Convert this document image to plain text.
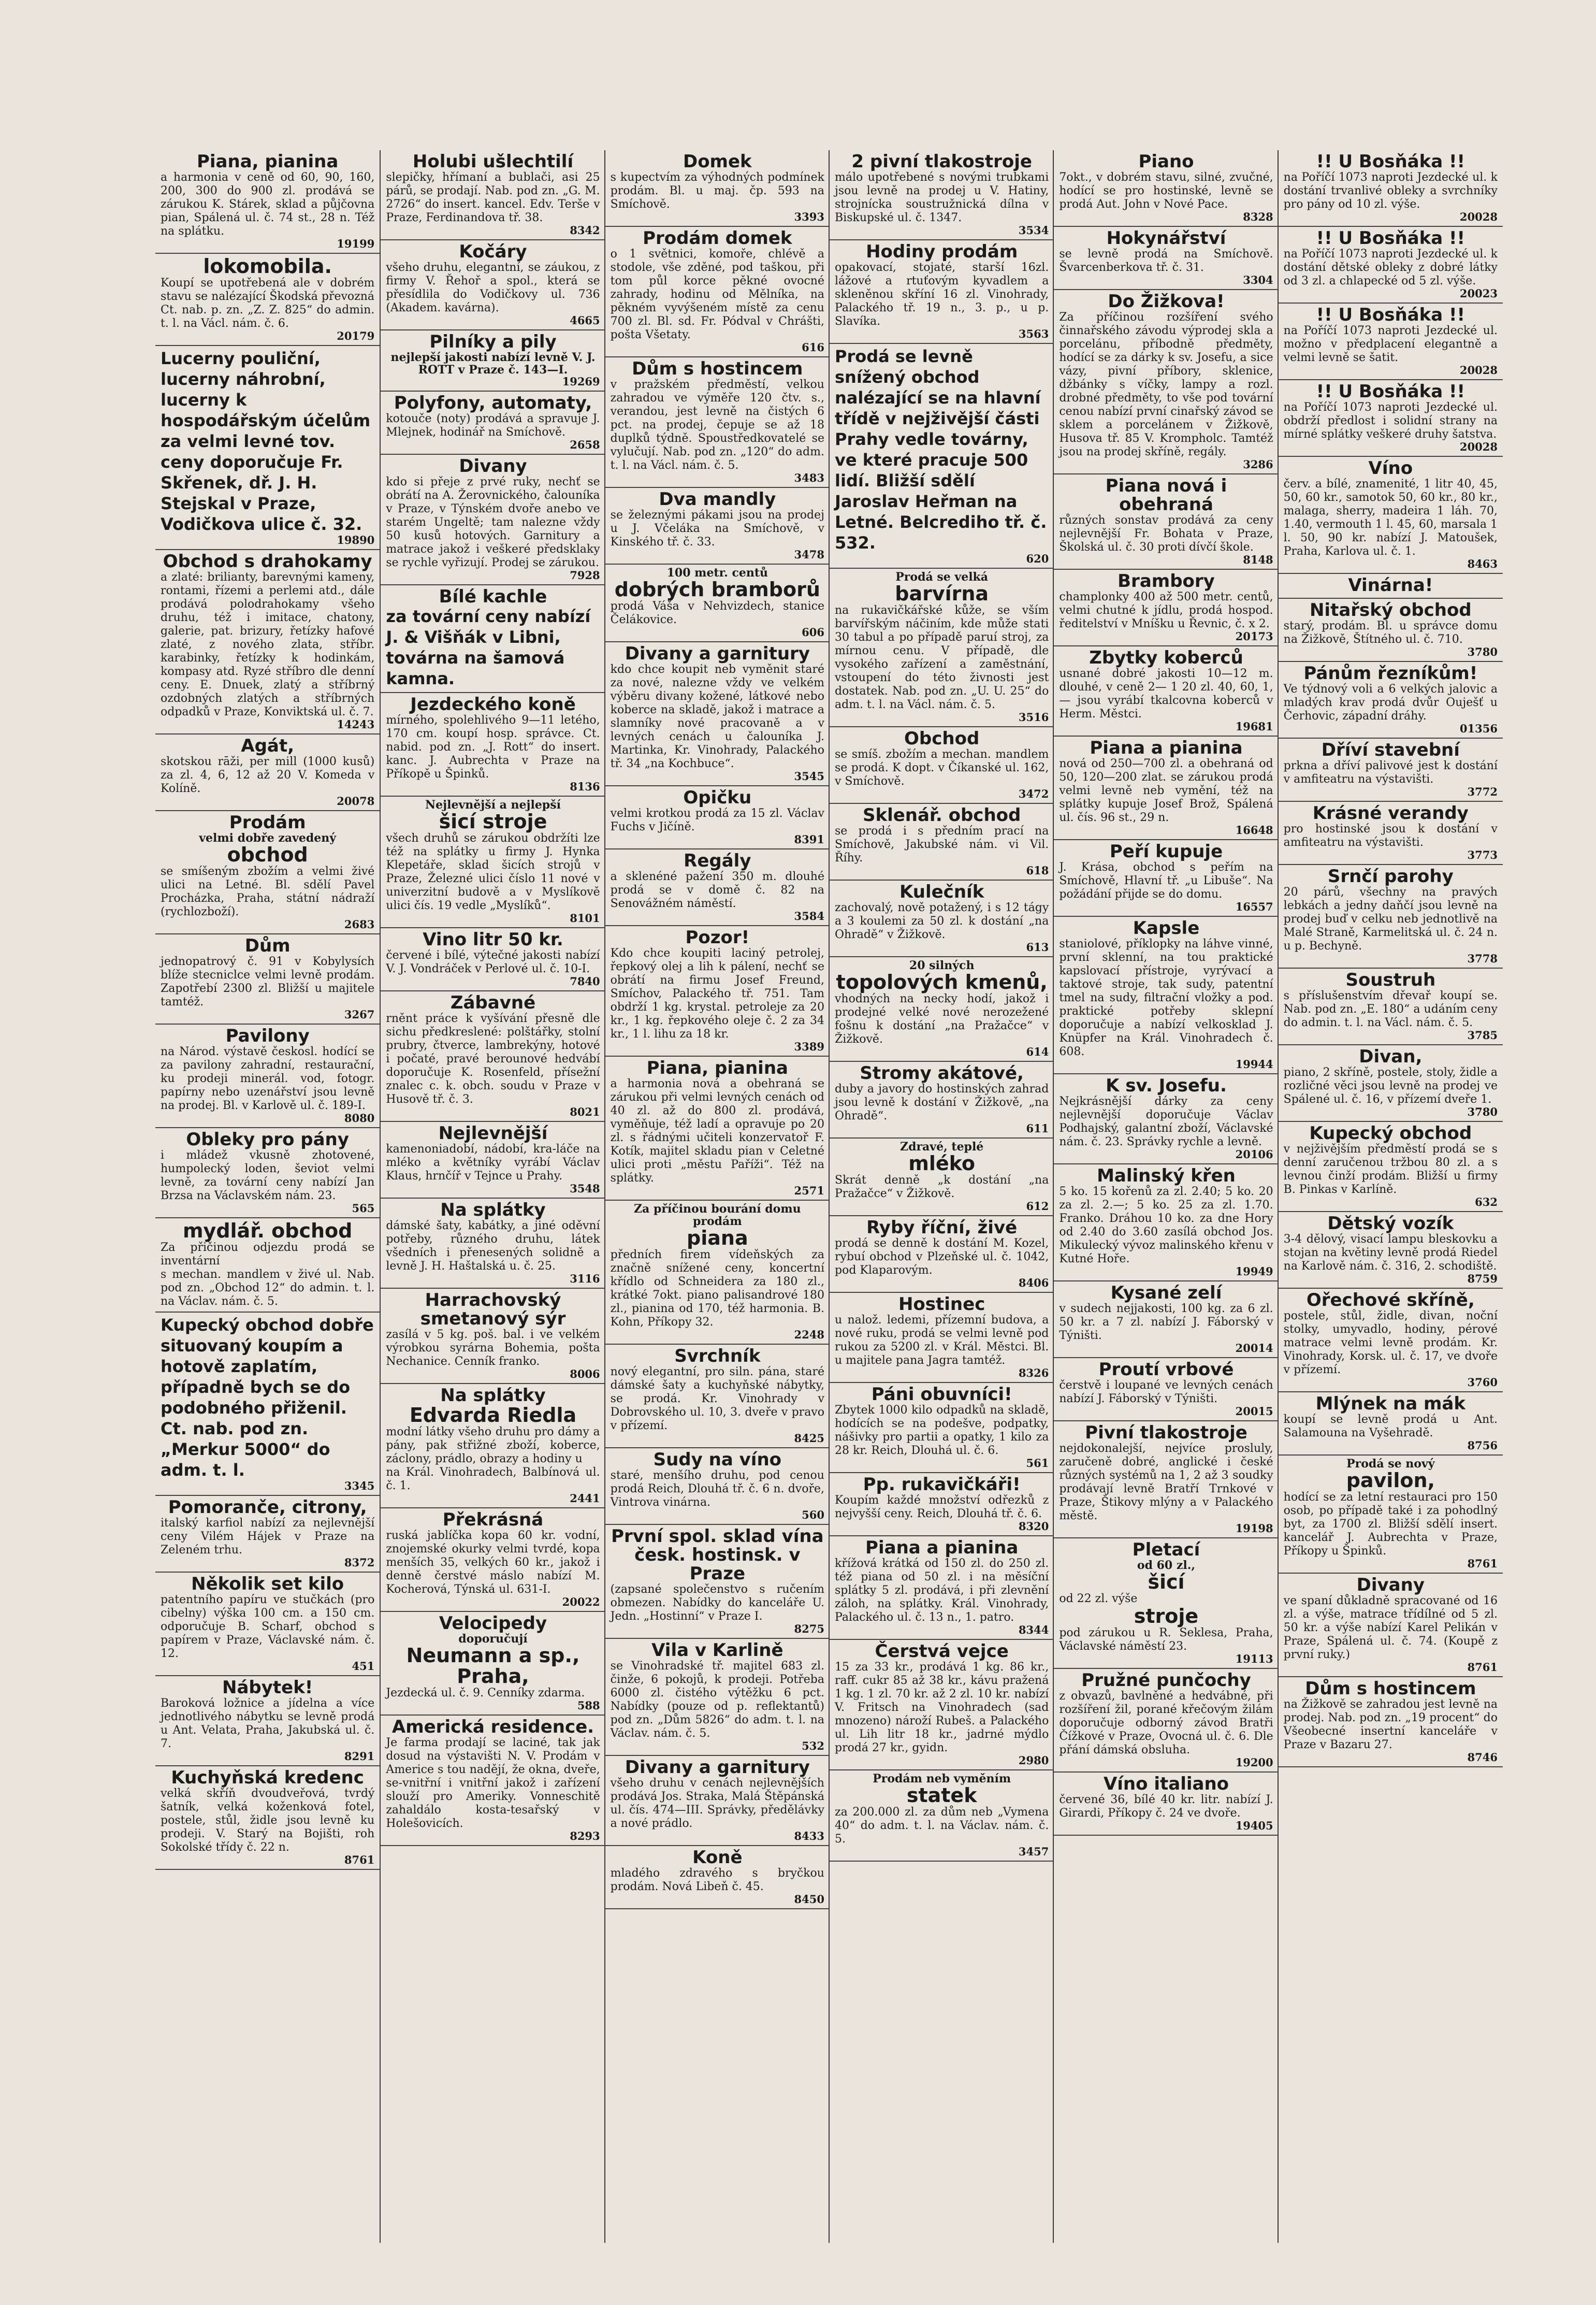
Piana, pianina

a harmonia v ceně od 60, 90, 160, 200, 300 do 900 zl. prodává se zárukou K. Stárek, sklad a půjčovna pian, Spálená ul. č. 74 st., 28 n. Též na splátku.

19199
lokomobila.

Koupí se upotřebená ale v dobrém stavu se nalézající Škodská převozná

Ct. nab. p. zn. „Z. Z. 825“ do admin. t. l. na Václ. nám. č. 6.

20179
Lucerny pouliční, lucerny náhrobní, lucerny k hospodářským účelům za velmi levné tov. ceny doporučuje Fr. Skřenek, dř. J. H. Stejskal v Praze, Vodičkova ulice č. 32.
19890
Obchod s drahokamy

a zlaté: brilianty, barevnými kameny, rontami, řízemi a perlemi atd., dále prodává polodrahokamy všeho druhu, též i imitace, chatony, galerie, pat. brizury, řetízky hafové zlaté, z nového zlata, stříbr. karabinky, řetízky k hodinkám, kompasy atd. Ryzé stříbro dle denní ceny. E. Dnuek, zlatý a stříbrný ozdobných zlatých a stříbrných odpadků v Praze, Konviktská ul. č. 7.

14243
Agát,

skotskou rāži, per mill (1000 kusů) za zl. 4, 6, 12 až 20 V. Komeda v Kolíně.

20078
Prodám
velmi dobře zavedený
obchod

se smíšeným zbožím a velmi živé ulici na Letné. Bl. sdělí Pavel Procházka, Praha, státní nádraží (rychlozboží).

2683
Dům

jednopatrový č. 91 v Kobylysích blíže stecniclce velmi levně prodám. Zapotřebí 2300 zl. Bližší u majitele tamtéž.

3267
Pavilony

na Národ. výstavě českosl. hodící se za pavilony zahradní, restaurační, ku prodeji minerál. vod, fotogr. papírny nebo uzenářství jsou levně na prodej. Bl. v Karlově ul. č. 189-I.

8080
Obleky pro pány

i mládež vkusně zhotovené, humpolecký loden, ševiot velmi levně, za tovární ceny nabízí Jan Brzsa na Václavském nám. 23.

565
mydlář. obchod

Za přičinou odjezdu prodá se inventární

s mechan. mandlem v živé ul. Nab. pod zn. „Obchod 12“ do admin. t. l. na Václav. nám. č. 5.

Kupecký obchod dobře situovaný koupím a hotově zaplatím, případně bych se do podobného přiženil. Ct. nab. pod zn. „Merkur 5000“ do adm. t. l.
3345
Pomoranče, citrony,

italský karfiol nabízí za nejlevnější ceny Vilém Hájek v Praze na Zeleném trhu.

8372
Několik set kilo

patentního papíru ve stučkách (pro cibelny) výška 100 cm. a 150 cm. odporučuje B. Scharf, obchod s papírem v Praze, Václavské nám. č. 12.

451
Nábytek!

Baroková ložnice a jídelna a více jednotlivého nábytku se levně prodá u Ant. Velata, Praha, Jakubská ul. č. 7.

8291
Kuchyňská kredenc

velká skříň dvoudveřová, tvrdý šatník, velká koženková fotel, postele, stůl, židle jsou levně ku prodeji. V. Starý na Bojišti, roh Sokolské třídy č. 22 n.

8761
Holubi ušlechtilí

slepičky, hřímaní a bublači, asi 25 párů, se prodají. Nab. pod zn. „G. M. 2726“ do insert. kancel. Edv. Terše v Praze, Ferdinandova tř. 38.

8342
Kočáry

všeho druhu, elegantní, se záukou, z firmy V. Řehoř a spol., která se přesídlila do Vodičkovy ul. 736 (Akadem. kavárna).

4665
Pilníky a pily
nejlepší jakosti nabízí levně V. J. ROTT v Praze č. 143—I.
19269
Polyfony, automaty,

kotouče (noty) prodává a spravuje J. Mlejnek, hodinář na Smíchově.

2658
Divany

kdo si přeje z prvé ruky, nechť se obrátí na A. Žerovnického, čalouníka v Praze, v Týnském dvoře anebo ve starém Ungeltě; tam nalezne vždy 50 kusů hotových. Garnitury a matrace jakož i veškeré předsklaky se rychle vyřizují. Prodej se zárukou.

7928
Bílé kachle
za tovární ceny nabízí J. & Višňák v Libni, továrna na šamová kamna.
Jezdeckého koně

mírného, spolehlivého 9—11 letého, 170 cm. koupí hosp. správce. Ct. nabid. pod zn. „J. Rott“ do insert. kanc. J. Aubrechta v Praze na Příkopě u Špinků.

8136
Nejlevnější a nejlepší
šicí stroje

všech druhů se zárukou obdržíti lze též na splátky u firmy J. Hynka Klepetáře, sklad šicích strojů v Praze, Železné ulici číslo 11 nové v univerzitní budově a v Myslíkově ulici čís. 19 vedle „Myslíků“.

8101
Vino litr 50 kr.

červené i bílé, výtečné jakosti nabízí V. J. Vondráček v Perlové ul. č. 10-I.

7840
Zábavné

rněnt práce k vyšívání přesně dle sichu předkreslené: polštářky, stolní prubry, čtverce, lambrekýny, hotové i počaté, pravé berounové hedvábí doporučuje K. Rosenfeld, přísežní znalec c. k. obch. soudu v Praze v Husově tř. č. 3.

8021
Nejlevnější

kamenoniadobí, nádobí, kra-láče na mléko a květníky vyrábí Václav Klaus, hrnčíř v Tejnce u Prahy.

3548
Na splátky

dámské šaty, kabátky, a jiné oděvní potřeby, různého druhu, látek všedních i přenesených solidně a levně J. H. Haštalská u. č. 25.

3116
Harrachovský smetanový sýr

zasílá v 5 kg. poš. bal. i ve velkém výrobkou syrárna Bohemia, pošta Nechanice. Cenník franko.

8006
Na splátky
Edvarda Riedla

modní látky všeho druhu pro dámy a pány, pak střižné zboží, koberce, záclony, prádlo, obrazy a hodiny u

na Král. Vinohradech, Balbínová ul. č. 1.

2441
Překrásná

ruská jablíčka kopa 60 kr. vodní, znojemské okurky velmi tvrdé, kopa menších 35, velkých 60 kr., jakož i denně čerstvé máslo nabízí M. Kocherová, Týnská ul. 631-I.

20022
Velocipedy
doporučují
Neumann a sp., Praha,

Jezdecká ul. č. 9. Cenníky zdarma.

588
Americká residence.

Je farma prodají se laciné, tak jak dosud na výstavišti N. V. Prodám v Americe s tou nadějí, že okna, dveře, se-vnitřní i vnitřní jakož i zařízení slouží pro Ameriky. Vonneschitě zahaldálo kosta-tesařský v Holešovicích.

8293
Domek

s kupectvím za výhodných podmínek prodám. Bl. u maj. čp. 593 na Smíchově.

3393
Prodám domek

o 1 světnici, komoře, chlévě a stodole, vše zděné, pod taškou, při tom půl korce pěkné ovocné zahrady, hodinu od Mělníka, na pěkném vyvýšeném místě za cenu 700 zl. Bl. sd. Fr. Pódval v Chrášti, pošta Všetaty.

616
Dům s hostincem

v pražském předměstí, velkou zahradou ve výměře 120 čtv. s., verandou, jest levně na čistých 6 pct. na prodej, čepuje se až 18 duplků týdně. Spoustředkovatelé se vylučují. Nab. pod zn. „120“ do adm. t. l. na Václ. nám. č. 5.

3483
Dva mandly

se železnými pákami jsou na prodej u J. Včeláka na Smíchově, v Kinského tř. č. 33.

3478
100 metr. centů
dobrých bramborů

prodá Váša v Nehvizdech, stanice Čelákovice.

606
Divany a garnitury

kdo chce koupit neb vyměnit staré za nové, nalezne vždy ve velkém výběru divany kožené, látkové nebo koberce na skladě, jakož i matrace a slamníky nové pracovaně a v levných cenách u čalouníka J. Martinka, Kr. Vinohrady, Palackého tř. 34 „na Kochbuce“.

3545
Opičku

velmi krotkou prodá za 15 zl. Václav Fuchs v Jičíně.

8391
Regály

a sklenéné pažení 350 m. dlouhé prodá se v domě č. 82 na Senovážném náměstí.

3584
Pozor!

Kdo chce koupiti laciný petrolej, řepkový olej a lih k pálení, nechť se obrátí na firmu Josef Freund, Smíchov, Palackého tř. 751. Tam obdrží 1 kg. krystal. petroleje za 20 kr., 1 kg. řepkového oleje č. 2 za 34 kr., 1 l. lihu za 18 kr.

3389
Piana, pianina

a harmonia nová a obehraná se zárukou při velmi levných cenách od 40 zl. až do 800 zl. prodává, vyměňuje, též ladí a opravuje po 20 zl. s řádnými učiteli konzervatoř F. Kotík, majitel skladu pian v Celetné ulici proti „městu Paříži“. Též na splátky.

2571
Za příčinou bourání domu prodám
piana

předních firem vídeňských za značně snížené ceny, koncertní křídlo od Schneidera za 180 zl., krátké 7okt. piano palisandrové 180 zl., pianina od 170, též harmonia. B. Kohn, Příkopy 32.

2248
Svrchník

nový elegantní, pro siln. pána, staré dámské šaty a kuchyňské nábytky, se prodá. Kr. Vinohrady v Dobrovského ul. 10, 3. dveře v pravo v přízemí.

8425
Sudy na víno

staré, menšího druhu, pod cenou prodá Reich, Dlouhá tř. č. 6 n. dvoře, Vintrova vinárna.

560
První spol. sklad vína česk. hostinsk. v Praze

(zapsané společenstvo s ručením obmezen. Nabídky do kanceláře U. Jedn. „Hostinní“ v Praze I.

8275
Vila v Karlině

se Vinohradské tř. majitel 683 zl. činže, 6 pokojů, k prodeji. Potřeba 6000 zl. čistého výtěžku 6 pct. Nabídky (pouze od p. reflektantů) pod zn. „Dům 5826“ do adm. t. l. na Václav. nám. č. 5.

532
Divany a garnitury

všeho druhu v cenách nejlevnějších prodává Jos. Straka, Malá Štěpánská ul. čís. 474—III. Správky, předělávky a nové prádlo.

8433
Koně

mladého zdravého s bryčkou prodám. Nová Libeň č. 45.

8450
2 pivní tlakostroje

málo upotřebené s novými trubkami jsou levně na prodej u V. Hatiny, strojnícka soustružnická dílna v Biskupské ul. č. 1347.

3534
Hodiny prodám

opakovací, stojaté, starší 16zl. lážové a rtuťovým kyvadlem a skleněnou skříní 16 zl. Vinohrady, Palackého tř. 19 n., 3. p., u p. Slavíka.

3563
Prodá se levně snížený obchod nalézající se na hlavní třídě v nejživější části Prahy vedle továrny, ve které pracuje 500 lidí. Bližší sdělí Jaroslav Heřman na Letné. Belcrediho tř. č. 532.
620
Prodá se velká
barvírna

na rukavičkářské kůže, se vším barvířským náčiním, kde může stati 30 tabul a po případě paruí stroj, za mírnou cenu. V případě, dle vysokého zařízení a zaměstnání, vstoupení do této živnosti jest dostatek. Nab. pod zn. „U. U. 25“ do adm. t. l. na Václ. nám. č. 5.

3516
Obchod

se smíš. zbožím a mechan. mandlem se prodá. K dopt. v Číkanské ul. 162, v Smíchově.

3472
Sklenář. obchod

se prodá i s předním prací na Smíchově, Jakubské nám. vi Vil. Říhy.

618
Kulečník

zachovalý, nově potažený, i s 12 tágy a 3 koulemi za 50 zl. k dostání „na Ohradě“ v Žižkově.

613
20 silných
topolových kmenů,

vhodných na necky hodí, jakož i prodejné velké nové nerozežené fošnu k dostání „na Pražačce“ v Žižkově.

614
Stromy akátové,

duby a javory do hostinských zahrad jsou levně k dostání v Žižkově, „na Ohradě“.

611
Zdravé, teplé
mléko

Skrát denně „k dostání „na Pražačce“ v Žižkově.

612
Ryby říční, živé

prodá se denně k dostání M. Kozel, rybuí obchod v Plzeňské ul. č. 1042, pod Klaparovým.

8406
Hostinec

u nalož. ledemi, přízemní budova, a nové ruku, prodá se velmi levně pod rukou za 5200 zl. v Král. Městci. Bl. u majitele pana Jagra tamtéž.

8326
Páni obuvníci!

Zbytek 1000 kilo odpadků na skladě, hodících se na podešve, podpatky, nášivky pro partii a opatky, 1 kilo za 28 kr. Reich, Dlouhá ul. č. 6.

561
Pp. rukavičkáři!

Koupím každé množství odřezků z nejvyšší ceny. Reich, Dlouhá tř. č. 6.

8320
Piana a pianina

křížová krátká od 150 zl. do 250 zl. též piana od 50 zl. i na měsíční splátky 5 zl. prodává, i při zlevnění záloh, na splátky. Král. Vinohrady, Palackého ul. č. 13 n., 1. patro.

8344
Čerstvá vejce

15 za 33 kr., prodává 1 kg. 86 kr., raff. cukr 85 až 38 kr., kávu pražená 1 kg. 1 zl. 70 kr. až 2 zl. 10 kr. nabízí V. Fritsch na Vinohradech (sad mnozeno) nároží Rubeš. a Palackého ul. Lih litr 18 kr., jadrné mýdlo prodá 27 kr., gyidn.

2980
Prodám neb vyměním
statek

za 200.000 zl. za dům neb „Vymena 40“ do adm. t. l. na Václav. nám. č. 5.

3457
Piano

7okt., v dobrém stavu, silné, zvučné, hodící se pro hostinské, levně se prodá Aut. John v Nové Pace.

8328
Hokynářství

se levně prodá na Smíchově. Švarcenberkova tř. č. 31.

3304
Do Žižkova!

Za příčinou rozšíření svého činnařského závodu výprodej skla a porcelánu, příbodně předměty, hodící se za dárky k sv. Josefu, a sice vázy, pivní příbory, sklenice, džbánky s víčky, lampy a rozl. drobné předměty, to vše pod tovární cenou nabízí první cinařský závod se sklem a porcelánem v Žižkově, Husova tř. 85 V. Krompholc. Tamtéž jsou na prodej skříně, regály.

3286
Piana nová i obehraná

různých sonstav prodává za ceny nejlevnější Fr. Bohata v Praze, Školská ul. č. 30 proti dívčí škole.

8148
Brambory

champlonky 400 až 500 metr. centů, velmi chutné k jídlu, prodá hospod. ředitelství v Mníšku u Řevnic, č. x 2.

20173
Zbytky koberců

usnané dobré jakosti 10—12 m. dlouhé, v ceně 2— 1 20 zl. 40, 60, 1,— jsou vyrábí tkalcovna koberců v Herm. Městci.

19681
Piana a pianina

nová od 250—700 zl. a obehraná od 50, 120—200 zlat. se zárukou prodá velmi levně neb vymění, též na splátky kupuje Josef Brož, Spálená ul. čís. 96 st., 29 n.

16648
Peří kupuje

J. Krása, obchod s peřím na Smíchově, Hlavní tř. „u Libuše“. Na požádání přijde se do domu.

16557
Kapsle

staniolové, příklopky na láhve vinné, první sklenní, na tou praktické kapslovací přístroje, vyrývací a taktové stroje, tak sudy, patentní tmel na sudy, filtrační vložky a pod. praktické potřeby sklepní doporučuje a nabízí velkosklad J. Knüpfer na Král. Vinohradech č. 608.

19944
K sv. Josefu.

Nejkrásnější dárky za ceny nejlevnější doporučuje Václav Podhajský, galantní zboží, Václavské nám. č. 23. Správky rychle a levně.

20106
Malinský křen

5 ko. 15 kořenů za zl. 2.40; 5 ko. 20 za zl. 2.—; 5 ko. 25 za zl. 1.70. Franko. Dráhou 10 ko. za dne Hory od 2.40 do 3.60 zasílá obchod Jos. Mikulecký vývoz malinského křenu v Kutné Hoře.

19949
Kysané zelí

v sudech nejjakosti, 100 kg. za 6 zl. 50 kr. a 7 zl. nabízí J. Fáborský v Týništi.

20014
Proutí vrbové

čerstvě i loupané ve levných cenách nabízí J. Fáborský v Týništi.

20015
Pivní tlakostroje

nejdokonalejší, nejvíce prosluly, zaručeně dobré, anglické i české různých systémů na 1, 2 až 3 soudky prodávají levně Bratří Trnkové v Praze, Štikovy mlýny a v Palackého městě.

19198
Pletací
od 60 zl.,
šicí

od 22 zl. výše

stroje

pod zárukou u R. Seklesa, Praha, Václavské náměstí 23.

19113
Pružné punčochy

z obvazů, bavlněné a hedvábné, při rozšíření žil, porané křečovým žilám doporučuje odborný závod Bratři Čížkové v Praze, Ovocná ul. č. 6. Dle přání dámská obsluha.

19200
Víno italiano

červené 36, bílé 40 kr. litr. nabízí J. Girardi, Příkopy č. 24 ve dvoře.

19405
!! U Bosňáka !!

na Poříčí 1073 naproti Jezdecké ul. k dostání trvanlivé obleky a svrchníky pro pány od 10 zl. výše.

20028
!! U Bosňáka !!

na Poříčí 1073 naproti Jezdecké ul. k dostání dětské obleky z dobré látky od 3 zl. a chlapecké od 5 zl. výše.

20023
!! U Bosňáka !!

na Poříčí 1073 naproti Jezdecké ul. možno v předplacení elegantně a velmi levně se šatit.

20028
!! U Bosňáka !!

na Poříčí 1073 naproti Jezdecké ul. obdrží předlost i solidní strany na mírné splátky veškeré druhy šatstva.

20028
Víno

červ. a bílé, znamenité, 1 litr 40, 45, 50, 60 kr., samotok 50, 60 kr., 80 kr., malaga, sherry, madeira 1 láh. 70, 1.40, vermouth 1 l. 45, 60, marsala 1 l. 50, 90 kr. nabízí J. Matoušek, Praha, Karlova ul. č. 1.

8463
Vinárna!
Nitařský obchod

starý, prodám. Bl. u správce domu na Žižkově, Štítného ul. č. 710.

3780
Pánům řezníkům!

Ve týdnový voli a 6 velkých jalovic a mladých krav prodá dvůr Ouješť u Čerhovic, západní dráhy.

01356
Dříví stavební

prkna a dříví palivové jest k dostání v amfiteatru na výstavišti.

3772
Krásné verandy

pro hostinské jsou k dostání v amfiteatru na výstavišti.

3773
Srnčí parohy

20 párů, všechny na pravých lebkách a jedny daňčí jsou levně na prodej buď v celku neb jednotlivě na Malé Straně, Karmelitská ul. č. 24 n. u p. Bechyně.

3778
Soustruh

s příslušenstvím dřevař koupí se. Nab. pod zn. „E. 180“ a udáním ceny do admin. t. l. na Václ. nám. č. 5.

3785
Divan,

piano, 2 skříně, postele, stoly, židle a rozličné věci jsou levně na prodej ve Spálené ul. č. 16, v přízemí dveře 1.

3780
Kupecký obchod

v nejživějším předměstí prodá se s denní zaručenou tržbou 80 zl. a s levnou činží prodám. Bližší u firmy B. Pinkas v Karlíně.

632
Dětský vozík

3-4 dělový, visací lampu bleskovku a stojan na květiny levně prodá Riedel na Karlově nám. č. 316, 2. schodiště.

8759
Ořechové skříně,

postele, stůl, židle, divan, noční stolky, umyvadlo, hodiny, pérové matrace velmi levně prodám. Kr. Vinohrady, Korsk. ul. č. 17, ve dvoře v přízemí.

3760
Mlýnek na mák

koupí se levně prodá u Ant. Salamouna na Vyšehradě.

8756
Prodá se nový
pavilon,

hodící se za letní restauraci pro 150 osob, po případě také i za pohodlný byt, za 1700 zl. Bližší sdělí insert. kancelář J. Aubrechta v Praze, Příkopy u Špinků.

8761
Divany

ve spaní důkladně spracované od 16 zl. a výše, matrace třídílné od 5 zl. 50 kr. a výše nabízí Karel Pelikán v Praze, Spálená ul. č. 74. (Koupě z první ruky.)

8761
Dům s hostincem

na Žižkově se zahradou jest levně na prodej. Nab. pod zn. „19 procent“ do Všeobecné insertní kanceláře v Praze v Bazaru 27.

8746
